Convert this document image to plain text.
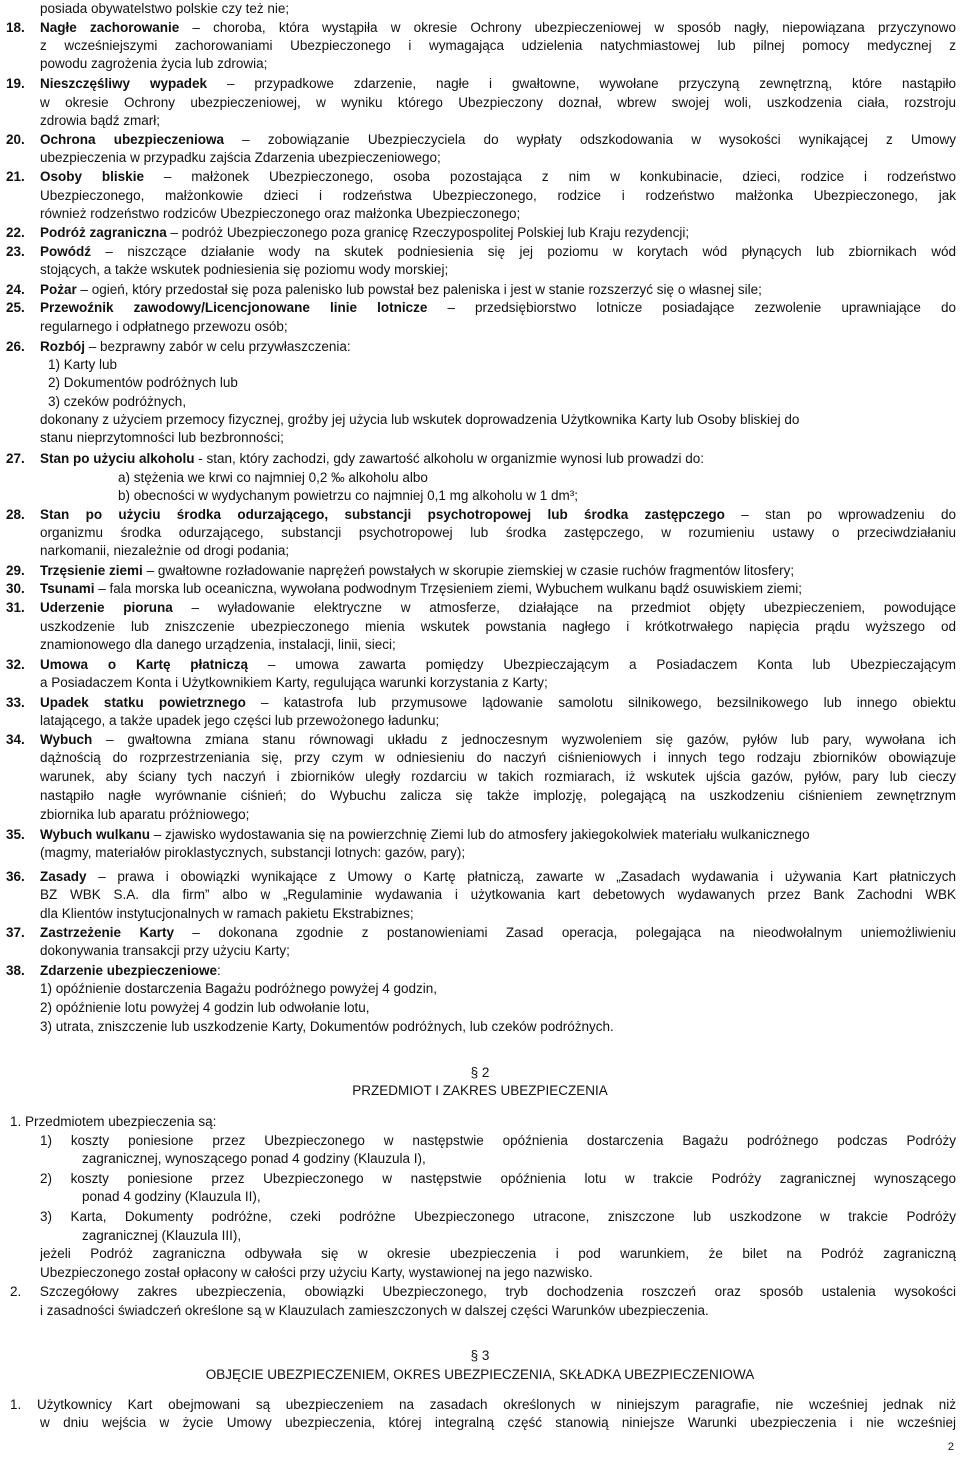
posiada obywatelstwo polskie czy też nie;
18. Nagłe zachorowanie – choroba, która wystąpiła w okresie Ochrony ubezpieczeniowej w sposób nagły, niepowiązana przyczynowo
z wcześniejszymi zachorowaniami Ubezpieczonego i wymagająca udzielenia natychmiastowej lub pilnej pomocy medycznej z
powodu zagrożenia życia lub zdrowia;
19. Nieszczęśliwy wypadek – przypadkowe zdarzenie, nagłe i gwałtowne, wywołane przyczyną zewnętrzną, które nastąpiło
w okresie Ochrony ubezpieczeniowej, w wyniku którego Ubezpieczony doznał, wbrew swojej woli, uszkodzenia ciała, rozstroju
zdrowia bądź zmarł;
20. Ochrona ubezpieczeniowa – zobowiązanie Ubezpieczyciela do wypłaty odszkodowania w wysokości wynikającej z Umowy
ubezpieczenia w przypadku zajścia Zdarzenia ubezpieczeniowego;
21. Osoby bliskie – małżonek Ubezpieczonego, osoba pozostająca z nim w konkubinacie, dzieci, rodzice i rodzeństwo
Ubezpieczonego, małżonkowie dzieci i rodzeństwa Ubezpieczonego, rodzice i rodzeństwo małżonka Ubezpieczonego, jak
również rodzeństwo rodziców Ubezpieczonego oraz małżonka Ubezpieczonego;
22. Podróż zagraniczna – podróż Ubezpieczonego poza granicę Rzeczypospolitej Polskiej lub Kraju rezydencji;
23. Powódź – niszczące działanie wody na skutek podniesienia się jej poziomu w korytach wód płynących lub zbiornikach wód
stojących, a także wskutek podniesienia się poziomu wody morskiej;
24. Pożar – ogień, który przedostał się poza palenisko lub powstał bez paleniska i jest w stanie rozszerzyć się o własnej sile;
25. Przewoźnik zawodowy/Licencjonowane linie lotnicze – przedsiębiorstwo lotnicze posiadające zezwolenie uprawniające do
regularnego i odpłatnego przewozu osób;
26. Rozbój – bezprawny zabór w celu przywłaszczenia:
1) Karty lub
2) Dokumentów podróżnych lub
3) czeków podróżnych,
dokonany z użyciem przemocy fizycznej, groźby jej użycia lub wskutek doprowadzenia Użytkownika Karty lub Osoby bliskiej do
stanu nieprzytomności lub bezbronności;
27. Stan po użyciu alkoholu - stan, który zachodzi, gdy zawartość alkoholu w organizmie wynosi lub prowadzi do:
a) stężenia we krwi co najmniej 0,2 ‰ alkoholu albo
b) obecności w wydychanym powietrzu co najmniej 0,1 mg alkoholu w 1 dm³;
28. Stan po użyciu środka odurzającego, substancji psychotropowej lub środka zastępczego – stan po wprowadzeniu do
organizmu środka odurzającego, substancji psychotropowej lub środka zastępczego, w rozumieniu ustawy o przeciwdziałaniu
narkomanii, niezależnie od drogi podania;
29. Trzęsienie ziemi – gwałtowne rozładowanie naprężeń powstałych w skorupie ziemskiej w czasie ruchów fragmentów litosfery;
30. Tsunami – fala morska lub oceaniczna, wywołana podwodnym Trzęsieniem ziemi, Wybuchem wulkanu bądź osuwiskiem ziemi;
31. Uderzenie pioruna – wyładowanie elektryczne w atmosferze, działające na przedmiot objęty ubezpieczeniem, powodujące
uszkodzenie lub zniszczenie ubezpieczonego mienia wskutek powstania nagłego i krótkotrwałego napięcia prądu wyższego od
znamionowego dla danego urządzenia, instalacji, linii, sieci;
32. Umowa o Kartę płatniczą – umowa zawarta pomiędzy Ubezpieczającym a Posiadaczem Konta lub Ubezpieczającym
a Posiadaczem Konta i Użytkownikiem Karty, regulująca warunki korzystania z Karty;
33. Upadek statku powietrznego – katastrofa lub przymusowe lądowanie samolotu silnikowego, bezsilnikowego lub innego obiektu
latającego, a także upadek jego części lub przewożonego ładunku;
34. Wybuch – gwałtowna zmiana stanu równowagi układu z jednoczesnym wyzwoleniem się gazów, pyłów lub pary, wywołana ich
dążnością do rozprzestrzeniania się, przy czym w odniesieniu do naczyń ciśnieniowych i innych tego rodzaju zbiorników obowiązuje
warunek, aby ściany tych naczyń i zbiorników uległy rozdarciu w takich rozmiarach, iż wskutek ujścia gazów, pyłów, pary lub cieczy
nastąpiło nagłe wyrównanie ciśnień; do Wybuchu zalicza się także implozję, polegającą na uszkodzeniu ciśnieniem zewnętrznym
zbiornika lub aparatu próżniowego;
35. Wybuch wulkanu – zjawisko wydostawania się na powierzchnię Ziemi lub do atmosfery jakiegokolwiek materiału wulkanicznego
(magmy, materiałów piroklastycznych, substancji lotnych: gazów, pary);
36. Zasady – prawa i obowiązki wynikające z Umowy o Kartę płatniczą, zawarte w „Zasadach wydawania i używania Kart płatniczych
BZ WBK S.A. dla firm” albo w „Regulaminie wydawania i użytkowania kart debetowych wydawanych przez Bank Zachodni WBK
dla Klientów instytucjonalnych w ramach pakietu Ekstrabiznes;
37. Zastrzeżenie Karty – dokonana zgodnie z postanowieniami Zasad operacja, polegająca na nieodwołalnym uniemożliwieniu
dokonywania transakcji przy użyciu Karty;
38. Zdarzenie ubezpieczeniowe:
1) opóźnienie dostarczenia Bagażu podróżnego powyżej 4 godzin,
2) opóźnienie lotu powyżej 4 godzin lub odwołanie lotu,
3) utrata, zniszczenie lub uszkodzenie Karty, Dokumentów podróżnych, lub czeków podróżnych.
§ 2
PRZEDMIOT I ZAKRES UBEZPIECZENIA
1. Przedmiotem ubezpieczenia są:
1) koszty poniesione przez Ubezpieczonego w następstwie opóźnienia dostarczenia Bagażu podróżnego podczas Podróży
zagranicznej, wynoszącego ponad 4 godziny (Klauzula I),
2) koszty poniesione przez Ubezpieczonego w następstwie opóźnienia lotu w trakcie Podróży zagranicznej wynoszącego
ponad 4 godziny (Klauzula II),
3) Karta, Dokumenty podróżne, czeki podróżne Ubezpieczonego utracone, zniszczone lub uszkodzone w trakcie Podróży
zagranicznej (Klauzula III),
jeżeli Podróż zagraniczna odbywała się w okresie ubezpieczenia i pod warunkiem, że bilet na Podróż zagraniczną
Ubezpieczonego został opłacony w całości przy użyciu Karty, wystawionej na jego nazwisko.
2. Szczegółowy zakres ubezpieczenia, obowiązki Ubezpieczonego, tryb dochodzenia roszczeń oraz sposób ustalenia wysokości
i zasadności świadczeń określone są w Klauzulach zamieszczonych w dalszej części Warunków ubezpieczenia.
§ 3
OBJĘCIE UBEZPIECZENIEM, OKRES UBEZPIECZENIA, SKŁADKA UBEZPIECZENIOWA
1. Użytkownicy Kart obejmowani są ubezpieczeniem na zasadach określonych w niniejszym paragrafie, nie wcześniej jednak niż
w dniu wejścia w życie Umowy ubezpieczenia, której integralną część stanowią niniejsze Warunki ubezpieczenia i nie wcześniej
2
